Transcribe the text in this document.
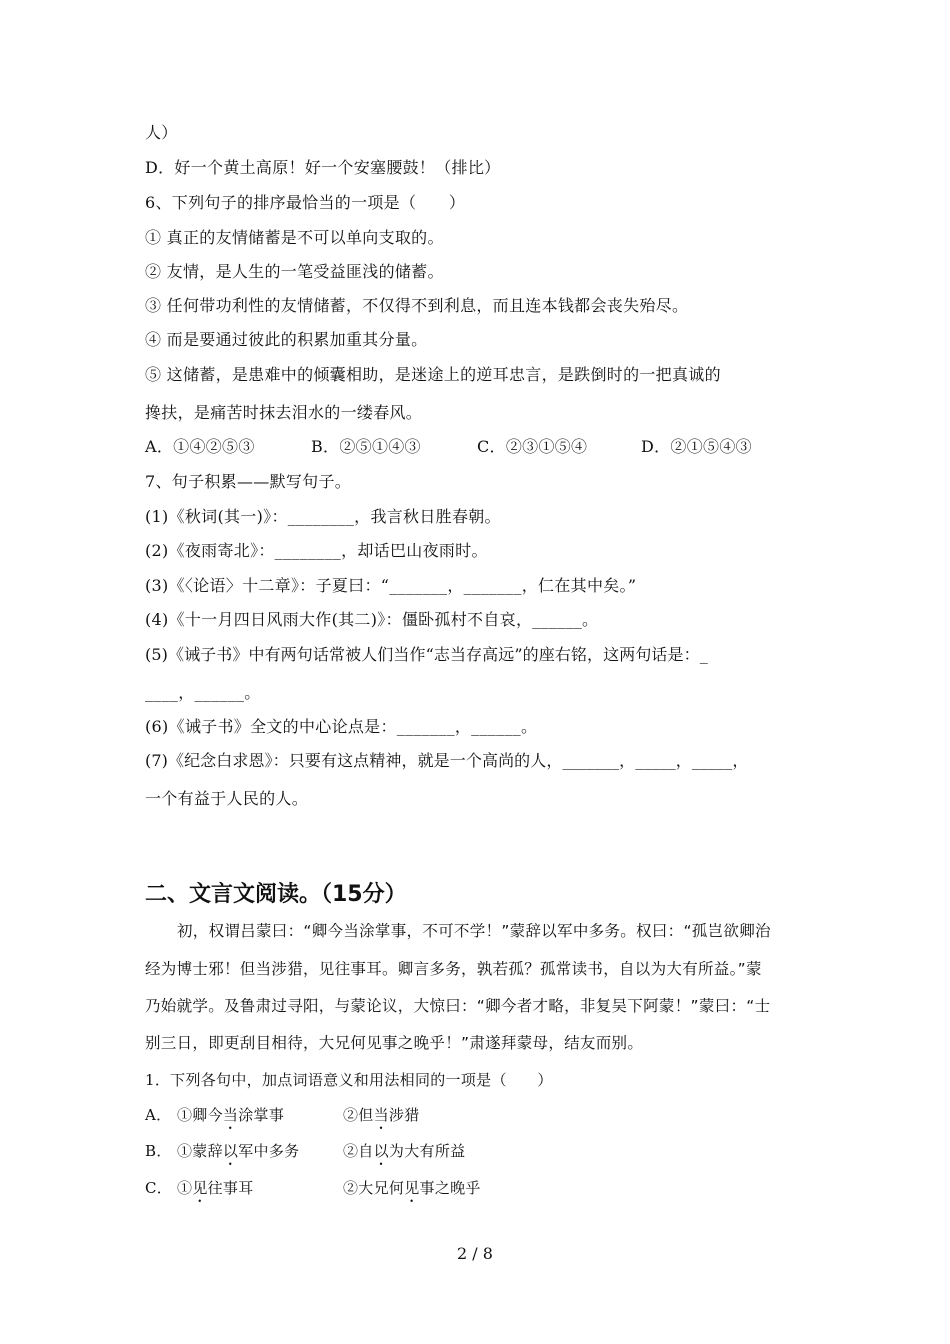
人）
D．好一个黄土高原！好一个安塞腰鼓！（排比）
6、下列句子的排序最恰当的一项是（　　）
① 真正的友情储蓄是不可以单向支取的。
② 友情，是人生的一笔受益匪浅的储蓄。
③ 任何带功利性的友情储蓄，不仅得不到利息，而且连本钱都会丧失殆尽。
④ 而是要通过彼此的积累加重其分量。
⑤ 这储蓄，是患难中的倾囊相助，是迷途上的逆耳忠言，是跌倒时的一把真诚的
搀扶，是痛苦时抹去泪水的一缕春风。
A．①④②⑤③	B．②⑤①④③	C．②③①⑤④	D．②①⑤④③
7、句子积累——默写句子。
(1)《秋词(其一)》：________，我言秋日胜春朝。
(2)《夜雨寄北》：________，却话巴山夜雨时。
(3)《〈论语〉十二章》：子夏曰：“_______，_______，仁在其中矣。”
(4)《十一月四日风雨大作(其二)》：僵卧孤村不自哀，______。
(5)《诫子书》中有两句话常被人们当作“志当存高远”的座右铭，这两句话是：_
____，______。
(6)《诫子书》全文的中心论点是：_______，______。
(7)《纪念白求恩》：只要有这点精神，就是一个高尚的人，_______，_____，_____，
一个有益于人民的人。
二、文言文阅读。（15分）
初，权谓吕蒙曰：“卿今当涂掌事，不可不学！”蒙辞以军中多务。权曰：“孤岂欲卿治
经为博士邪！但当涉猎，见往事耳。卿言多务，孰若孤？孤常读书，自以为大有所益。”蒙
乃始就学。及鲁肃过寻阳，与蒙论议，大惊曰：“卿今者才略，非复吴下阿蒙！”蒙曰：“士
别三日，即更刮目相待，大兄何见事之晚乎！”肃遂拜蒙母，结友而别。
1．下列各句中，加点词语意义和用法相同的一项是（　　）
A． ①卿今当涂掌事	②但当涉猎
B． ①蒙辞以军中多务	②自以为大有所益
C． ①见往事耳	②大兄何见事之晚乎
2 / 8
